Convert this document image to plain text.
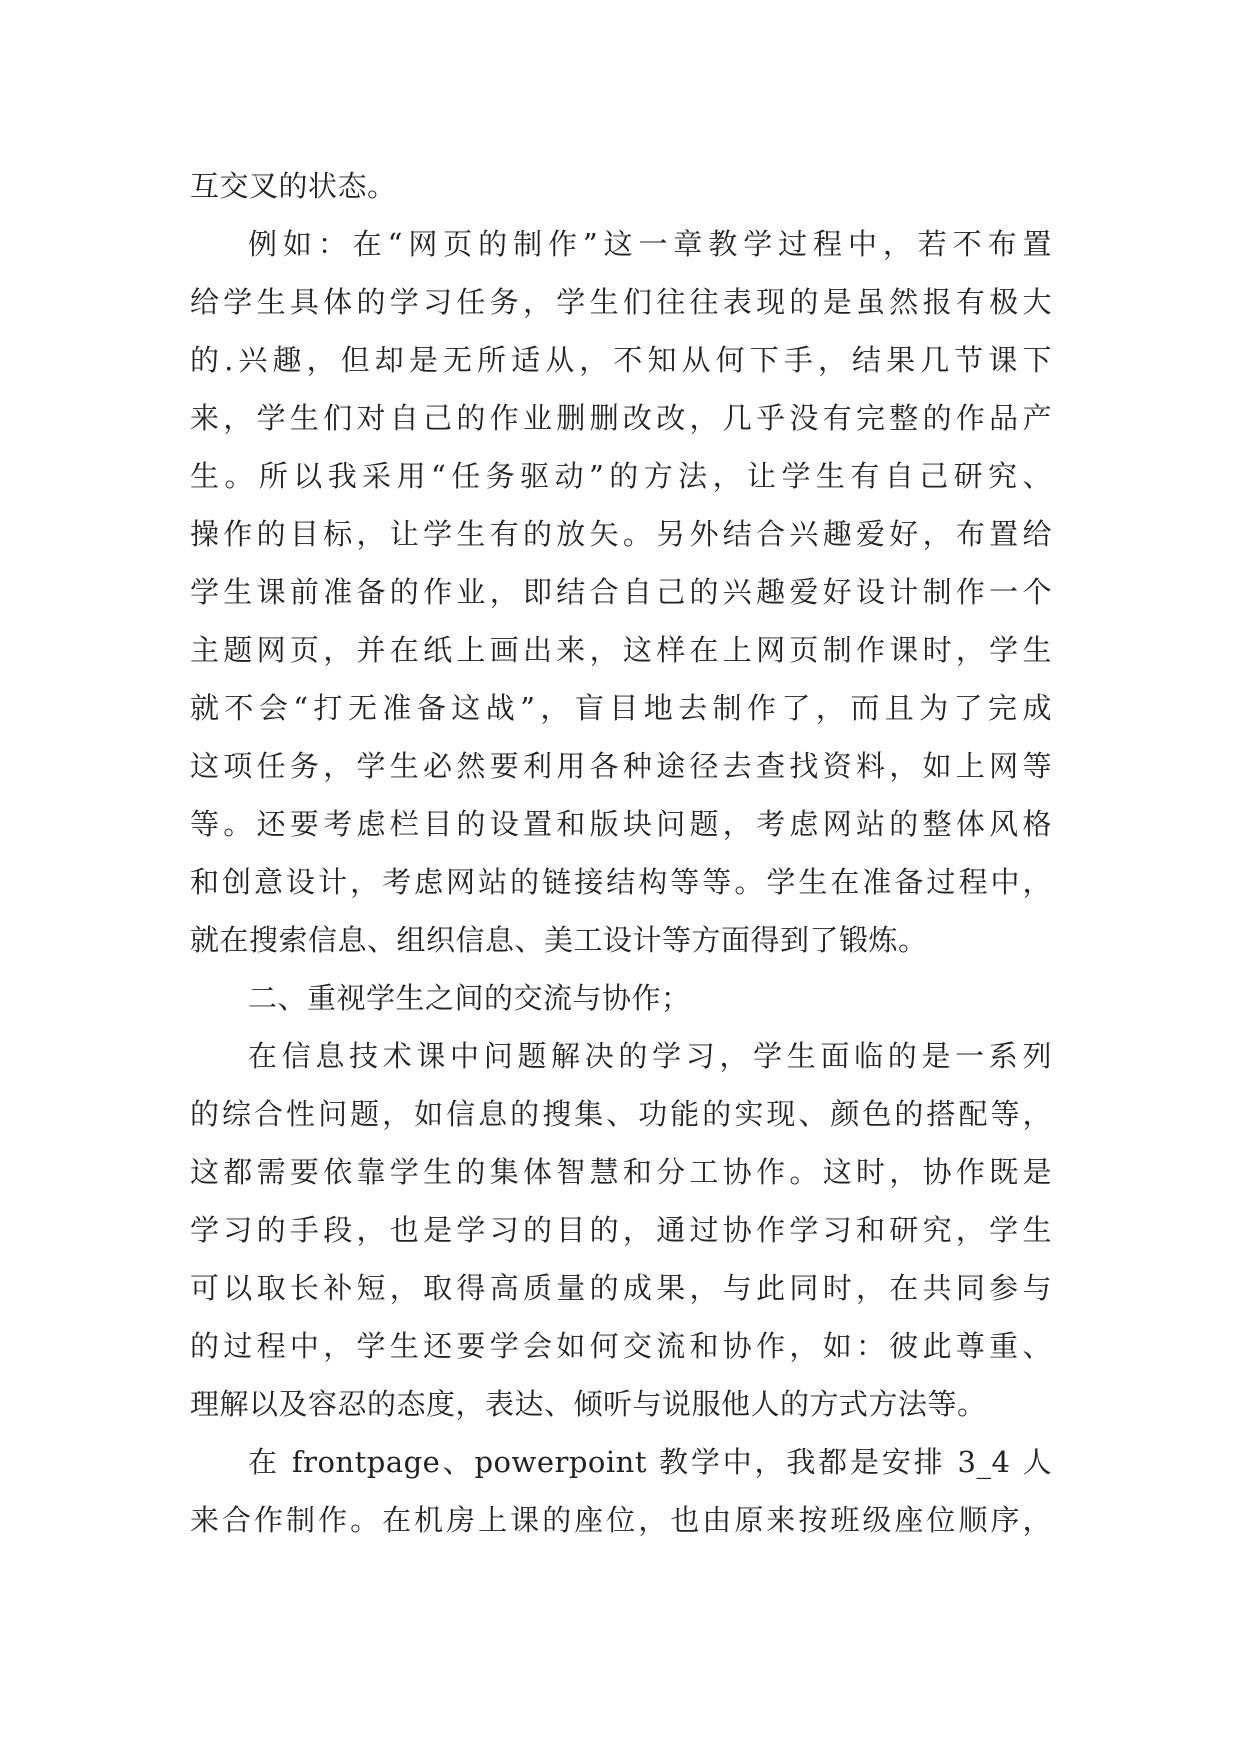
互交叉的状态。
例如：在“网页的制作”这一章教学过程中，若不布置
给学生具体的学习任务，学生们往往表现的是虽然报有极大
的.兴趣，但却是无所适从，不知从何下手，结果几节课下
来，学生们对自己的作业删删改改，几乎没有完整的作品产
生。所以我采用“任务驱动”的方法，让学生有自己研究、
操作的目标，让学生有的放矢。另外结合兴趣爱好，布置给
学生课前准备的作业，即结合自己的兴趣爱好设计制作一个
主题网页，并在纸上画出来，这样在上网页制作课时，学生
就不会“打无准备这战”，盲目地去制作了，而且为了完成
这项任务，学生必然要利用各种途径去查找资料，如上网等
等。还要考虑栏目的设置和版块问题，考虑网站的整体风格
和创意设计，考虑网站的链接结构等等。学生在准备过程中，
就在搜索信息、组织信息、美工设计等方面得到了锻炼。
二、重视学生之间的交流与协作；
在信息技术课中问题解决的学习，学生面临的是一系列
的综合性问题，如信息的搜集、功能的实现、颜色的搭配等，
这都需要依靠学生的集体智慧和分工协作。这时，协作既是
学习的手段，也是学习的目的，通过协作学习和研究，学生
可以取长补短，取得高质量的成果，与此同时，在共同参与
的过程中，学生还要学会如何交流和协作，如：彼此尊重、
理解以及容忍的态度，表达、倾听与说服他人的方式方法等。
在 frontpage、powerpoint 教学中，我都是安排 3_4 人
来合作制作。在机房上课的座位，也由原来按班级座位顺序，
